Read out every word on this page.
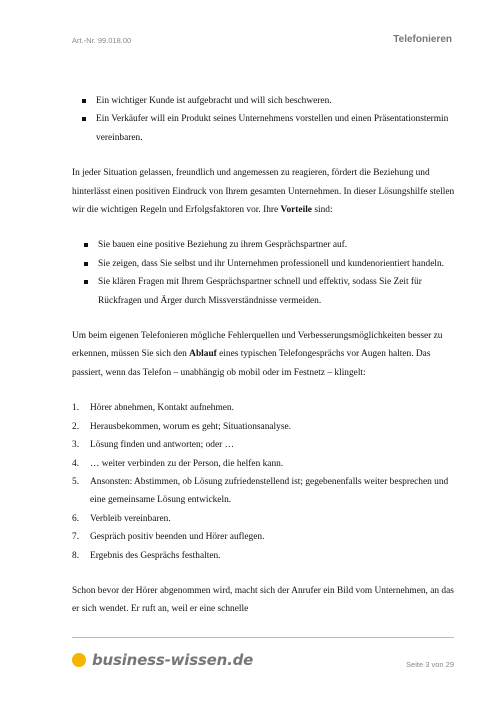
Art.-Nr. 99.018.00	Telefonieren
Ein wichtiger Kunde ist aufgebracht und will sich beschweren.
Ein Verkäufer will ein Produkt seines Unternehmens vorstellen und einen Präsentationstermin vereinbaren.

In jeder Situation gelassen, freundlich und angemessen zu reagieren, fördert die Beziehung und hinterlässt einen positiven Eindruck von Ihrem gesamten Unternehmen. In dieser Lösungshilfe stellen wir die wichtigen Regeln und Erfolgsfaktoren vor. Ihre Vorteile sind:

Sie bauen eine positive Beziehung zu ihrem Gesprächspartner auf.
Sie zeigen, dass Sie selbst und ihr Unternehmen professionell und kundenorientiert handeln.
Sie klären Fragen mit Ihrem Gesprächspartner schnell und effektiv, sodass Sie Zeit für Rückfragen und Ärger durch Missverständnisse vermeiden.

Um beim eigenen Telefonieren mögliche Fehlerquellen und Verbesserungsmöglichkeiten besser zu erkennen, müssen Sie sich den Ablauf eines typischen Telefongesprächs vor Augen halten. Das passiert, wenn das Telefon – unabhängig ob mobil oder im Festnetz – klingelt:

1. Hörer abnehmen, Kontakt aufnehmen.
2. Herausbekommen, worum es geht; Situationsanalyse.
3. Lösung finden und antworten; oder …
4. … weiter verbinden zu der Person, die helfen kann.
5. Ansonsten: Abstimmen, ob Lösung zufriedenstellend ist; gegebenenfalls weiter besprechen und eine gemeinsame Lösung entwickeln.
6. Verbleib vereinbaren.
7. Gespräch positiv beenden und Hörer auflegen.
8. Ergebnis des Gesprächs festhalten.

Schon bevor der Hörer abgenommen wird, macht sich der Anrufer ein Bild vom Unternehmen, an das er sich wendet. Er ruft an, weil er eine schnelle

business-wissen.de	Seite 3 von 29
